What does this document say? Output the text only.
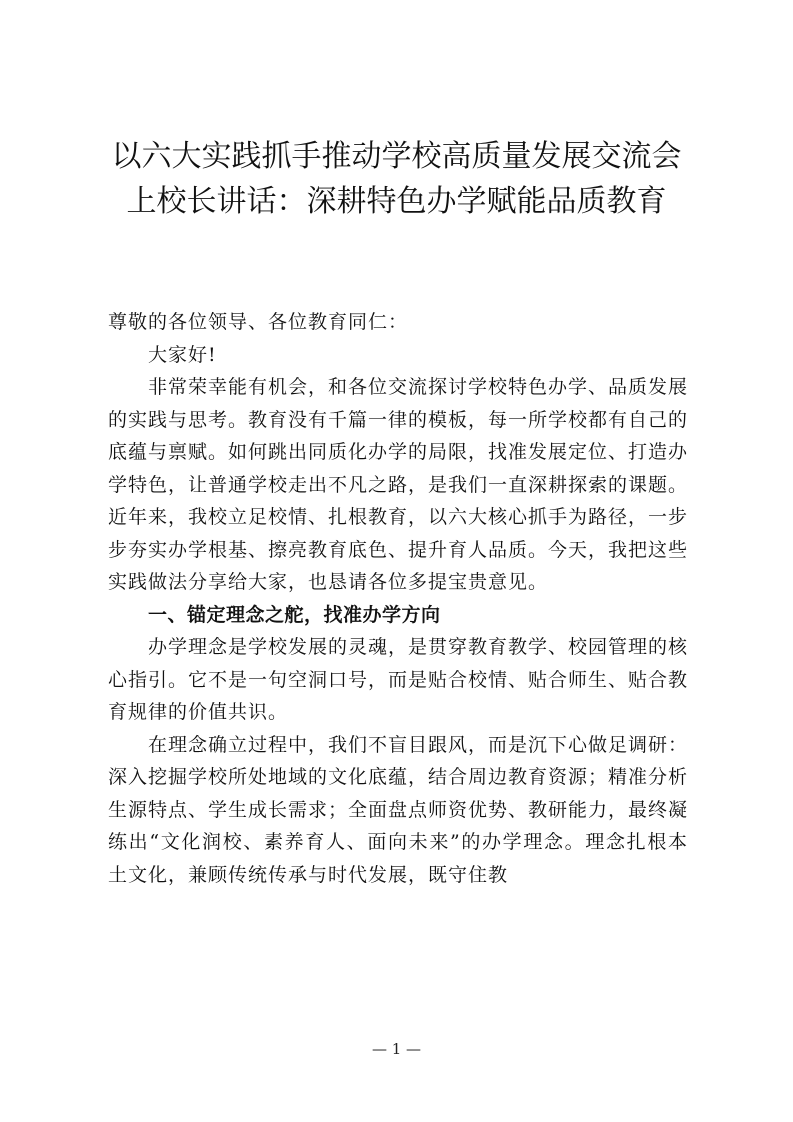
以六大实践抓手推动学校高质量发展交流会上校长讲话：深耕特色办学赋能品质教育

尊敬的各位领导、各位教育同仁：

大家好!

非常荣幸能有机会，和各位交流探讨学校特色办学、品质发展的实践与思考。教育没有千篇一律的模板，每一所学校都有自己的底蕴与禀赋。如何跳出同质化办学的局限，找准发展定位、打造办学特色，让普通学校走出不凡之路，是我们一直深耕探索的课题。近年来，我校立足校情、扎根教育，以六大核心抓手为路径，一步步夯实办学根基、擦亮教育底色、提升育人品质。今天，我把这些实践做法分享给大家，也恳请各位多提宝贵意见。

一、锚定理念之舵，找准办学方向

办学理念是学校发展的灵魂，是贯穿教育教学、校园管理的核心指引。它不是一句空洞口号，而是贴合校情、贴合师生、贴合教育规律的价值共识。

在理念确立过程中，我们不盲目跟风，而是沉下心做足调研：深入挖掘学校所处地域的文化底蕴，结合周边教育资源；精准分析生源特点、学生成长需求；全面盘点师资优势、教研能力，最终凝练出“文化润校、素养育人、面向未来”的办学理念。理念扎根本土文化，兼顾传统传承与时代发展，既守住教

— 1 —
